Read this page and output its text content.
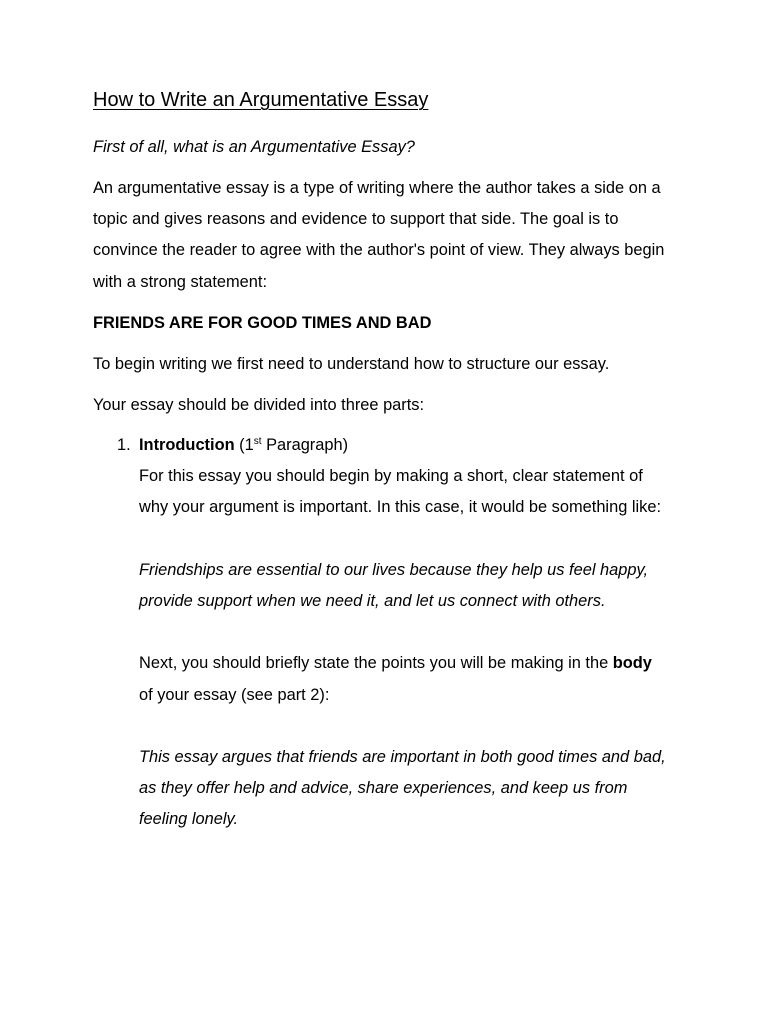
How to Write an Argumentative Essay
First of all, what is an Argumentative Essay?
An argumentative essay is a type of writing where the author takes a side on a
topic and gives reasons and evidence to support that side. The goal is to
convince the reader to agree with the author's point of view. They always begin
with a strong statement:
FRIENDS ARE FOR GOOD TIMES AND BAD
To begin writing we first need to understand how to structure our essay.
Your essay should be divided into three parts:
1. Introduction (1st Paragraph)
For this essay you should begin by making a short, clear statement of
why your argument is important. In this case, it would be something like:
Friendships are essential to our lives because they help us feel happy,
provide support when we need it, and let us connect with others.
Next, you should briefly state the points you will be making in the body
of your essay (see part 2):
This essay argues that friends are important in both good times and bad,
as they offer help and advice, share experiences, and keep us from
feeling lonely.
